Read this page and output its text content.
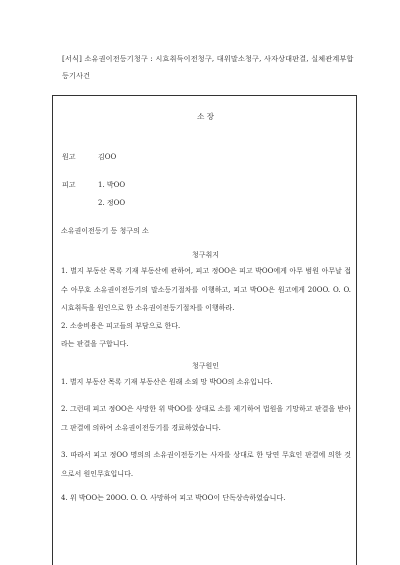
[서식] 소유권이전등기청구 : 시효취득이전청구, 대위말소청구, 사자상대판결, 실체관계부합등기사건
소 장
원고	김OO
피고	1. 박OO
2. 정OO
소유권이전등기 등 청구의 소
청구취지
1. 별지 부동산 목록 기재 부동산에 관하여, 피고 정OO은 피고 박OO에게 아무 범원 아무날 접수 아무호 소유권이전등기의 말소등기절차를 이행하고, 피고 박OO은 원고에게 20OO. O. O. 시효취득을 원인으로 한 소유권이전등기절차를 이행하라.
2. 소송비용은 피고들의 부담으로 한다.
라는 판결을 구합니다.
청구원인
1. 별지 부동산 목록 기재 부동산은 원래 소외 망 박OO의 소유입니다.
2. 그런데 피고 정OO은 사망한 위 박OO를 상대로 소를 제기하여 법원을 기망하고 판결을 받아 그 판결에 의하여 소유권이전등기를 경료하였습니다.
3. 따라서 피고 정OO 명의의 소유권이전등기는 사자를 상대로 한 당연 무효인 판결에 의한 것으로서 원인무효입니다.
4. 위 박OO는 20OO. O. O. 사망하여 피고 박OO이 단독상속하였습니다.
